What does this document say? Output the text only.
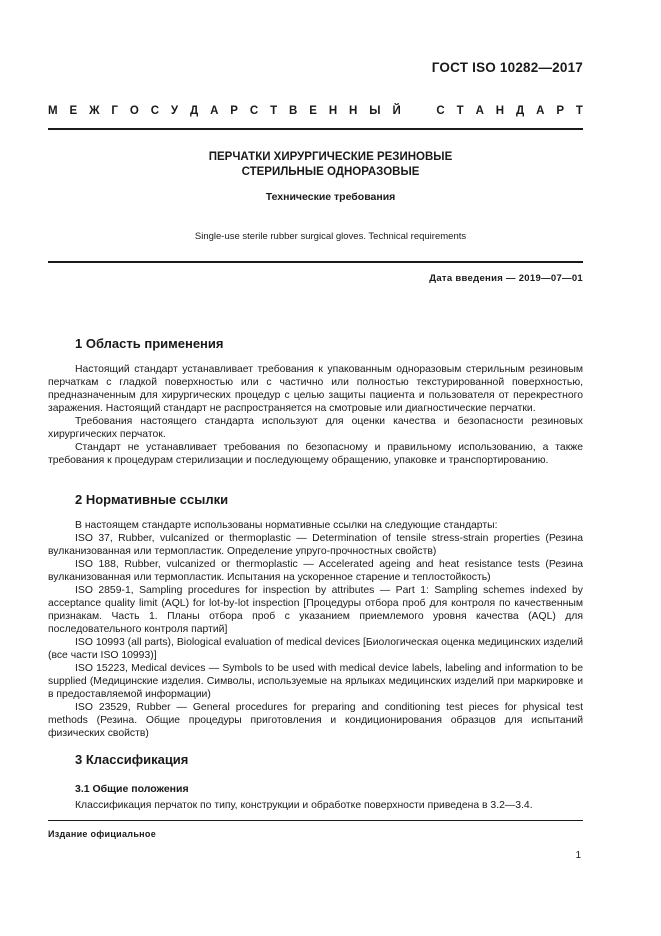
ГОСТ ISO 10282—2017
М Е Ж Г О С У Д А Р С Т В Е Н Н Ы Й	С Т А Н Д А Р Т
ПЕРЧАТКИ ХИРУРГИЧЕСКИЕ РЕЗИНОВЫЕ
СТЕРИЛЬНЫЕ ОДНОРАЗОВЫЕ
Технические требования
Single-use sterile rubber surgical gloves. Technical requirements
Дата введения — 2019—07—01
1 Область применения

Настоящий стандарт устанавливает требования к упакованным одноразовым стерильным резиновым перчаткам с гладкой поверхностью или с частично или полностью текстурированной поверхностью, предназначенным для хирургических процедур с целью защиты пациента и пользователя от перекрестного заражения. Настоящий стандарт не распространяется на смотровые или диагностические перчатки.

Требования настоящего стандарта используют для оценки качества и безопасности резиновых хирургических перчаток.

Стандарт не устанавливает требования по безопасному и правильному использованию, а также требования к процедурам стерилизации и последующему обращению, упаковке и транспортированию.

2 Нормативные ссылки

В настоящем стандарте использованы нормативные ссылки на следующие стандарты:

ISO 37, Rubber, vulcanized or thermoplastic — Determination of tensile stress-strain properties (Резина вулканизованная или термопластик. Определение упруго-прочностных свойств)

ISO 188, Rubber, vulcanized or thermoplastic — Accelerated ageing and heat resistance tests (Резина вулканизованная или термопластик. Испытания на ускоренное старение и теплостойкость)

ISO 2859-1, Sampling procedures for inspection by attributes — Part 1: Sampling schemes indexed by acceptance quality limit (AQL) for lot-by-lot inspection [Процедуры отбора проб для контроля по качественным признакам. Часть 1. Планы отбора проб с указанием приемлемого уровня качества (AQL) для последовательного контроля партий]

ISO 10993 (all parts), Biological evaluation of medical devices [Биологическая оценка медицинских изделий (все части ISO 10993)]

ISO 15223, Medical devices — Symbols to be used with medical device labels, labeling and information to be supplied (Медицинские изделия. Символы, используемые на ярлыках медицинских изделий при маркировке и в предоставляемой информации)

ISO 23529, Rubber — General procedures for preparing and conditioning test pieces for physical test methods (Резина. Общие процедуры приготовления и кондиционирования образцов для испытаний физических свойств)

3 Классификация
3.1 Общие положения

Классификация перчаток по типу, конструкции и обработке поверхности приведена в 3.2—3.4.

Издание официальное
1
